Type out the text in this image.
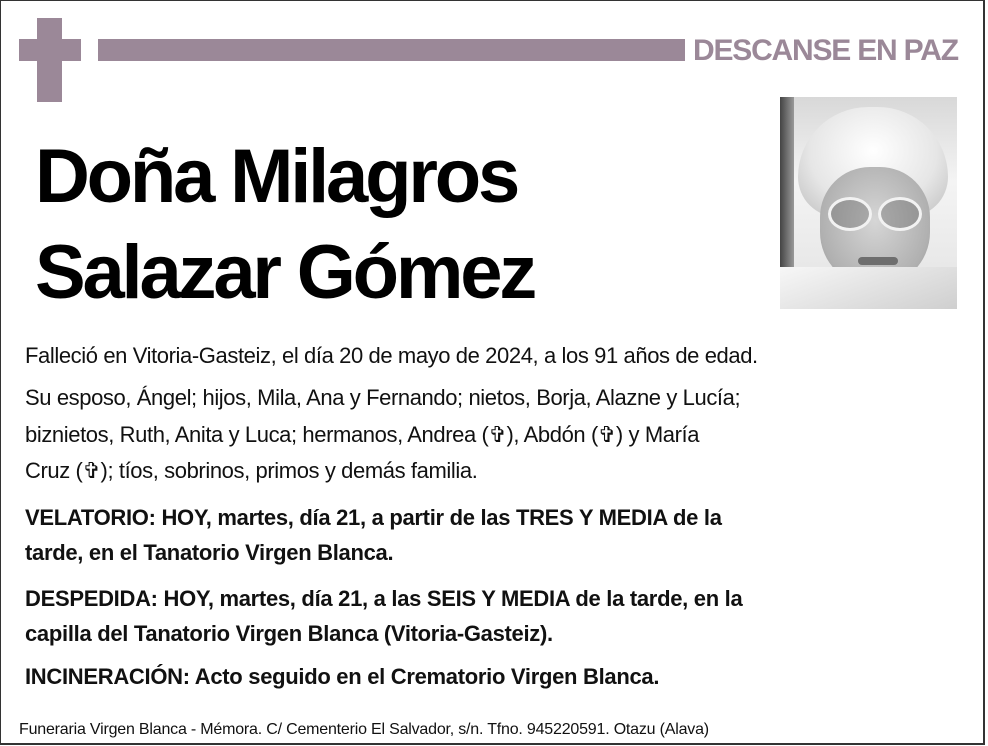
DESCANSE EN PAZ
Doña Milagros
Salazar Gómez
Falleció en Vitoria-Gasteiz, el día 20 de mayo de 2024, a los 91 años de edad.
Su esposo, Ángel; hijos, Mila, Ana y Fernando; nietos, Borja, Alazne y Lucía;
biznietos, Ruth, Anita y Luca; hermanos, Andrea (✞), Abdón (✞) y María
Cruz (✞); tíos, sobrinos, primos y demás familia.
VELATORIO: HOY, martes, día 21, a partir de las TRES Y MEDIA de la
tarde, en el Tanatorio Virgen Blanca.
DESPEDIDA: HOY, martes, día 21, a las SEIS Y MEDIA de la tarde, en la
capilla del Tanatorio Virgen Blanca (Vitoria-Gasteiz).
INCINERACIÓN: Acto seguido en el Crematorio Virgen Blanca.
Funeraria Virgen Blanca - Mémora. C/ Cementerio El Salvador, s/n. Tfno. 945220591. Otazu (Alava)
